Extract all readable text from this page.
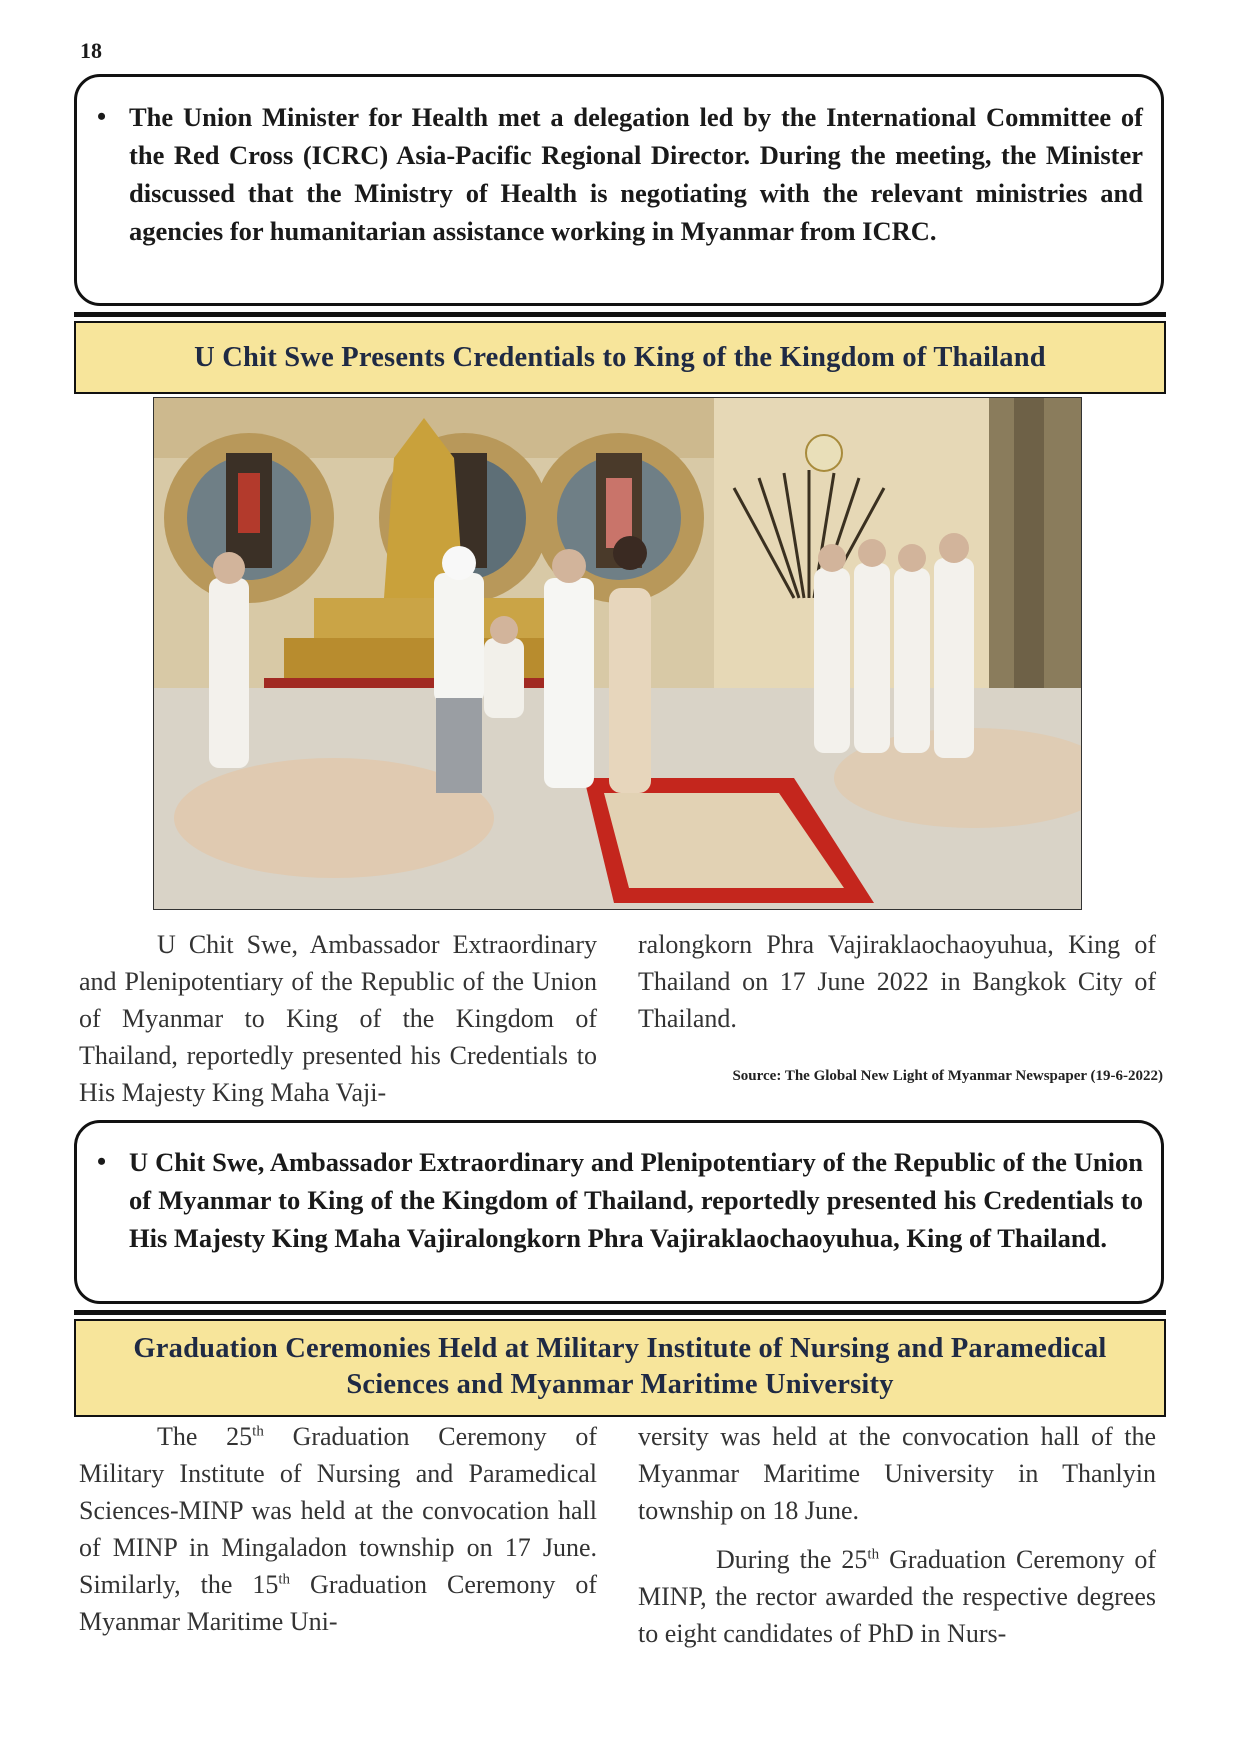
18
• The Union Minister for Health met a delegation led by the International Committee of the Red Cross (ICRC) Asia-Pacific Regional Director. During the meeting, the Minister discussed that the Ministry of Health is negotiating with the relevant ministries and agencies for humanitarian assistance working in Myanmar from ICRC.
U Chit Swe Presents Credentials to King of the Kingdom of Thailand

U Chit Swe, Ambassador Extraordinary and Plenipotentiary of the Republic of the Union of Myanmar to King of the Kingdom of Thailand, reportedly presented his Credentials to His Majesty King Maha Vaji-

ralongkorn Phra Vajiraklaochaoyuhua, King of Thailand on 17 June 2022 in Bangkok City of Thailand.

Source: The Global New Light of Myanmar Newspaper (19-6-2022)
• U Chit Swe, Ambassador Extraordinary and Plenipotentiary of the Republic of the Union of Myanmar to King of the Kingdom of Thailand, reportedly presented his Credentials to His Majesty King Maha Vajiralongkorn Phra Vajiraklaochaoyuhua, King of Thailand.
Graduation Ceremonies Held at Military Institute of Nursing and Paramedical
Sciences and Myanmar Maritime University

The 25th Graduation Ceremony of Military Institute of Nursing and Paramedical Sciences-MINP was held at the convocation hall of MINP in Mingaladon township on 17 June. Similarly, the 15th Graduation Ceremony of Myanmar Maritime Uni-

versity was held at the convocation hall of the Myanmar Maritime University in Thanlyin township on 18 June.

During the 25th Graduation Ceremony of MINP, the rector awarded the respective degrees to eight candidates of PhD in Nurs-
